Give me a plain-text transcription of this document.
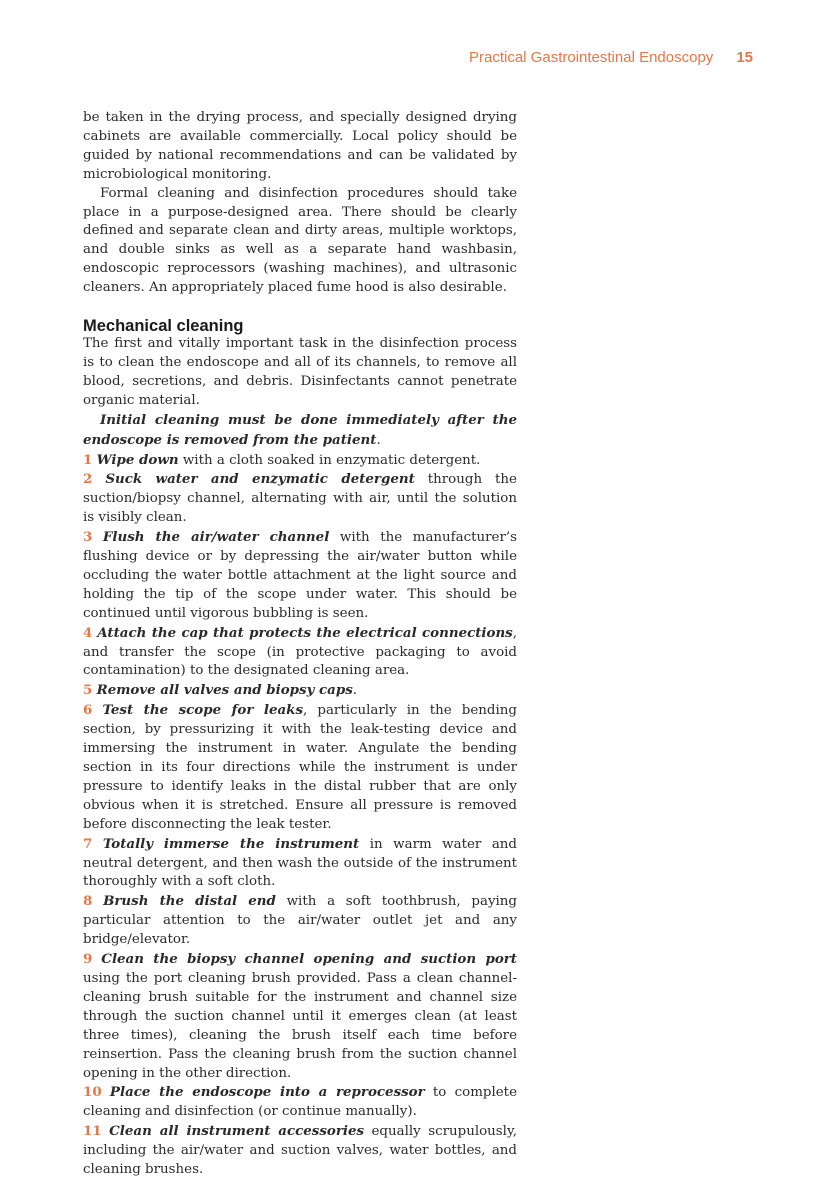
Practical Gastrointestinal Endoscopy 15

be taken in the drying process, and specially designed drying cabinets are available commercially. Local policy should be guided by national recommendations and can be validated by microbiological monitoring.

Formal cleaning and disinfection procedures should take place in a purpose-designed area. There should be clearly defined and separate clean and dirty areas, multiple worktops, and double sinks as well as a separate hand washbasin, endoscopic reprocessors (washing machines), and ultrasonic cleaners. An appropriately placed fume hood is also desirable.

Mechanical cleaning

The first and vitally important task in the disinfection process is to clean the endoscope and all of its channels, to remove all blood, secretions, and debris. Disinfectants cannot penetrate organic material.

Initial cleaning must be done immediately after the endoscope is removed from the patient.

1 Wipe down with a cloth soaked in enzymatic detergent.

2 Suck water and enzymatic detergent through the suction/biopsy channel, alternating with air, until the solution is visibly clean.

3 Flush the air/water channel with the manufacturer’s flushing device or by depressing the air/water button while occluding the water bottle attachment at the light source and holding the tip of the scope under water. This should be continued until vigorous bubbling is seen.

4 Attach the cap that protects the electrical connections, and transfer the scope (in protective packaging to avoid contamination) to the designated cleaning area.

5 Remove all valves and biopsy caps.

6 Test the scope for leaks, particularly in the bending section, by pressurizing it with the leak-testing device and immersing the instrument in water. Angulate the bending section in its four directions while the instrument is under pressure to identify leaks in the distal rubber that are only obvious when it is stretched. Ensure all pressure is removed before disconnecting the leak tester.

7 Totally immerse the instrument in warm water and neutral detergent, and then wash the outside of the instrument thoroughly with a soft cloth.

8 Brush the distal end with a soft toothbrush, paying particular attention to the air/water outlet jet and any bridge/elevator.

9 Clean the biopsy channel opening and suction port using the port cleaning brush provided. Pass a clean channel-cleaning brush suitable for the instrument and channel size through the suction channel until it emerges clean (at least three times), cleaning the brush itself each time before reinsertion. Pass the cleaning brush from the suction channel opening in the other direction.

10 Place the endoscope into a reprocessor to complete cleaning and disinfection (or continue manually).

11 Clean all instrument accessories equally scrupulously, including the air/water and suction valves, water bottles, and cleaning brushes.
